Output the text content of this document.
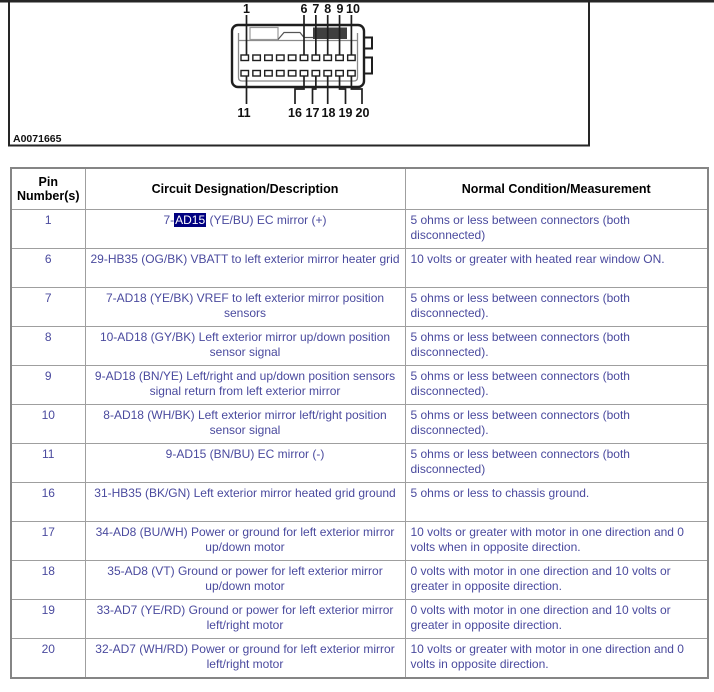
1	6 7 8 9 10
11	16 17 18 19 20
A0071665
Pin Number(s)	Circuit Designation/Description	Normal Condition/Measurement
1	7-AD15 (YE/BU) EC mirror (+)	5 ohms or less between connectors (both disconnected)
6	29-HB35 (OG/BK) VBATT to left exterior mirror heater grid	10 volts or greater with heated rear window ON.
7	7-AD18 (YE/BK) VREF to left exterior mirror position sensors	5 ohms or less between connectors (both disconnected).
8	10-AD18 (GY/BK) Left exterior mirror up/down position sensor signal	5 ohms or less between connectors (both disconnected).
9	9-AD18 (BN/YE) Left/right and up/down position sensors signal return from left exterior mirror	5 ohms or less between connectors (both disconnected).
10	8-AD18 (WH/BK) Left exterior mirror left/right position sensor signal	5 ohms or less between connectors (both disconnected).
11	9-AD15 (BN/BU) EC mirror (-)	5 ohms or less between connectors (both disconnected)
16	31-HB35 (BK/GN) Left exterior mirror heated grid ground	5 ohms or less to chassis ground.
17	34-AD8 (BU/WH) Power or ground for left exterior mirror up/down motor	10 volts or greater with motor in one direction and 0 volts when in opposite direction.
18	35-AD8 (VT) Ground or power for left exterior mirror up/down motor	0 volts with motor in one direction and 10 volts or greater in opposite direction.
19	33-AD7 (YE/RD) Ground or power for left exterior mirror left/right motor	0 volts with motor in one direction and 10 volts or greater in opposite direction.
20	32-AD7 (WH/RD) Power or ground for left exterior mirror left/right motor	10 volts or greater with motor in one direction and 0 volts in opposite direction.
